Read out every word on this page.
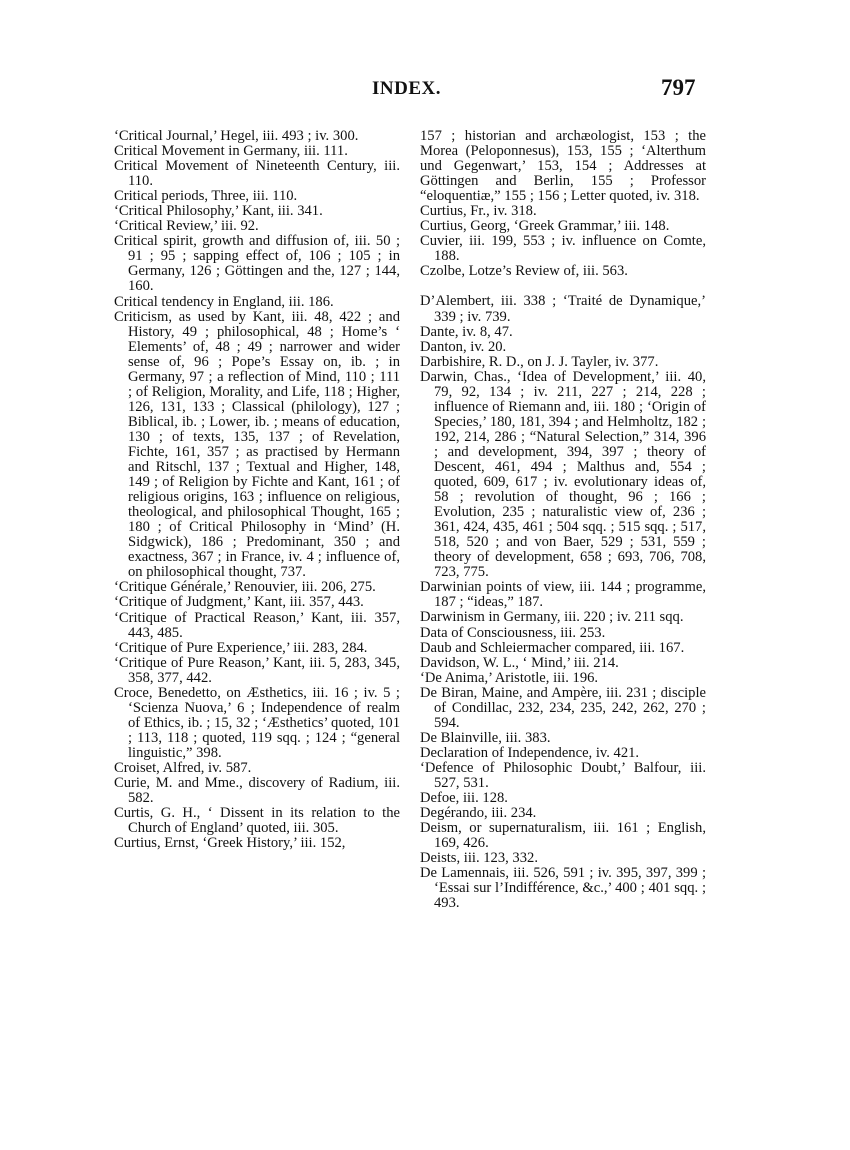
INDEX.	797

‘Critical Journal,’ Hegel, iii. 493 ; iv. 300.

Critical Movement in Germany, iii. 111.

Critical Movement of Nineteenth Century, iii. 110.

Critical periods, Three, iii. 110.

‘Critical Philosophy,’ Kant, iii. 341.

‘Critical Review,’ iii. 92.

Critical spirit, growth and diffusion of, iii. 50 ; 91 ; 95 ; sapping effect of, 106 ; 105 ; in Germany, 126 ; Göttingen and the, 127 ; 144, 160.

Critical tendency in England, iii. 186.

Criticism, as used by Kant, iii. 48, 422 ; and History, 49 ; philosophical, 48 ; Home’s ‘ Elements’ of, 48 ; 49 ; narrower and wider sense of, 96 ; Pope’s Essay on, ib. ; in Germany, 97 ; a reflection of Mind, 110 ; 111 ; of Religion, Morality, and Life, 118 ; Higher, 126, 131, 133 ; Classical (philology), 127 ; Biblical, ib. ; Lower, ib. ; means of education, 130 ; of texts, 135, 137 ; of Revelation, Fichte, 161, 357 ; as practised by Hermann and Ritschl, 137 ; Textual and Higher, 148, 149 ; of Religion by Fichte and Kant, 161 ; of religious origins, 163 ; influence on religious, theological, and philosophical Thought, 165 ; 180 ; of Critical Philosophy in ‘Mind’ (H. Sidgwick), 186 ; Predominant, 350 ; and exactness, 367 ; in France, iv. 4 ; influence of, on philosophical thought, 737.

‘Critique Générale,’ Renouvier, iii. 206, 275.

‘Critique of Judgment,’ Kant, iii. 357, 443.

‘Critique of Practical Reason,’ Kant, iii. 357, 443, 485.

‘Critique of Pure Experience,’ iii. 283, 284.

‘Critique of Pure Reason,’ Kant, iii. 5, 283, 345, 358, 377, 442.

Croce, Benedetto, on Æsthetics, iii. 16 ; iv. 5 ; ‘Scienza Nuova,’ 6 ; Independence of realm of Ethics, ib. ; 15, 32 ; ‘Æsthetics’ quoted, 101 ; 113, 118 ; quoted, 119 sqq. ; 124 ; “general linguistic,” 398.

Croiset, Alfred, iv. 587.

Curie, M. and Mme., discovery of Radium, iii. 582.

Curtis, G. H., ‘ Dissent in its relation to the Church of England’ quoted, iii. 305.

Curtius, Ernst, ‘Greek History,’ iii. 152,

157 ; historian and archæologist, 153 ; the Morea (Peloponnesus), 153, 155 ; ‘Alterthum und Gegenwart,’ 153, 154 ; Addresses at Göttingen and Berlin, 155 ; Professor “eloquentiæ,” 155 ; 156 ; Letter quoted, iv. 318.

Curtius, Fr., iv. 318.

Curtius, Georg, ‘Greek Grammar,’ iii. 148.

Cuvier, iii. 199, 553 ; iv. influence on Comte, 188.

Czolbe, Lotze’s Review of, iii. 563.

D’Alembert, iii. 338 ; ‘Traité de Dynamique,’ 339 ; iv. 739.

Dante, iv. 8, 47.

Danton, iv. 20.

Darbishire, R. D., on J. J. Tayler, iv. 377.

Darwin, Chas., ‘Idea of Development,’ iii. 40, 79, 92, 134 ; iv. 211, 227 ; 214, 228 ; influence of Riemann and, iii. 180 ; ‘Origin of Species,’ 180, 181, 394 ; and Helmholtz, 182 ; 192, 214, 286 ; “Natural Selection,” 314, 396 ; and development, 394, 397 ; theory of Descent, 461, 494 ; Malthus and, 554 ; quoted, 609, 617 ; iv. evolutionary ideas of, 58 ; revolution of thought, 96 ; 166 ; Evolution, 235 ; naturalistic view of, 236 ; 361, 424, 435, 461 ; 504 sqq. ; 515 sqq. ; 517, 518, 520 ; and von Baer, 529 ; 531, 559 ; theory of development, 658 ; 693, 706, 708, 723, 775.

Darwinian points of view, iii. 144 ; programme, 187 ; “ideas,” 187.

Darwinism in Germany, iii. 220 ; iv. 211 sqq.

Data of Consciousness, iii. 253.

Daub and Schleiermacher compared, iii. 167.

Davidson, W. L., ‘ Mind,’ iii. 214.

‘De Anima,’ Aristotle, iii. 196.

De Biran, Maine, and Ampère, iii. 231 ; disciple of Condillac, 232, 234, 235, 242, 262, 270 ; 594.

De Blainville, iii. 383.

Declaration of Independence, iv. 421.

‘Defence of Philosophic Doubt,’ Balfour, iii. 527, 531.

Defoe, iii. 128.

Degérando, iii. 234.

Deism, or supernaturalism, iii. 161 ; English, 169, 426.

Deists, iii. 123, 332.

De Lamennais, iii. 526, 591 ; iv. 395, 397, 399 ; ‘Essai sur l’Indifférence, &c.,’ 400 ; 401 sqq. ; 493.
